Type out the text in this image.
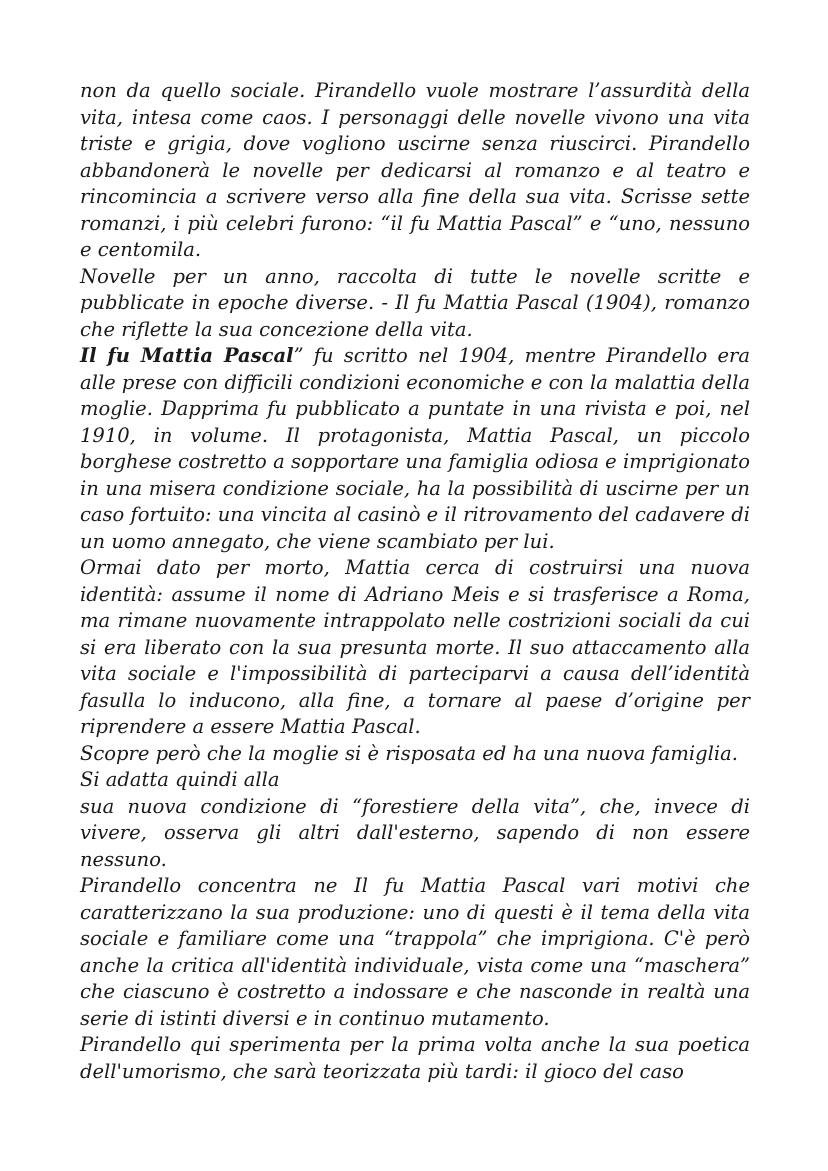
non da quello sociale. Pirandello vuole mostrare l’assurdità della vita, intesa come caos. I personaggi delle novelle vivono una vita triste e grigia, dove vogliono uscirne senza riuscirci. Pirandello abbandonerà le novelle per dedicarsi al romanzo e al teatro e rincomincia a scrivere verso alla fine della sua vita. Scrisse sette romanzi, i più celebri furono: “il fu Mattia Pascal” e “uno, nessuno e centomila.

Novelle per un anno, raccolta di tutte le novelle scritte e pubblicate in epoche diverse. - Il fu Mattia Pascal (1904), romanzo che riflette la sua concezione della vita.

Il fu Mattia Pascal” fu scritto nel 1904, mentre Pirandello era alle prese con difficili condizioni economiche e con la malattia della moglie. Dapprima fu pubblicato a puntate in una rivista e poi, nel 1910, in volume. Il protagonista, Mattia Pascal, un piccolo borghese costretto a sopportare una famiglia odiosa e imprigionato in una misera condizione sociale, ha la possibilità di uscirne per un caso fortuito: una vincita al casinò e il ritrovamento del cadavere di un uomo annegato, che viene scambiato per lui.

Ormai dato per morto, Mattia cerca di costruirsi una nuova identità: assume il nome di Adriano Meis e si trasferisce a Roma, ma rimane nuovamente intrappolato nelle costrizioni sociali da cui si era liberato con la sua presunta morte. Il suo attaccamento alla vita sociale e l'impossibilità di parteciparvi a causa dell’identità fasulla lo inducono, alla fine, a tornare al paese d’origine per riprendere a essere Mattia Pascal.

Scopre però che la moglie si è risposata ed ha una nuova famiglia.

Si adatta quindi alla

sua nuova condizione di “forestiere della vita”, che, invece di vivere, osserva gli altri dall'esterno, sapendo di non essere nessuno.

Pirandello concentra ne Il fu Mattia Pascal vari motivi che caratterizzano la sua produzione: uno di questi è il tema della vita sociale e familiare come una “trappola” che imprigiona. C'è però anche la critica all'identità individuale, vista come una “maschera” che ciascuno è costretto a indossare e che nasconde in realtà una serie di istinti diversi e in continuo mutamento.

Pirandello qui sperimenta per la prima volta anche la sua poetica dell'umorismo, che sarà teorizzata più tardi: il gioco del caso
